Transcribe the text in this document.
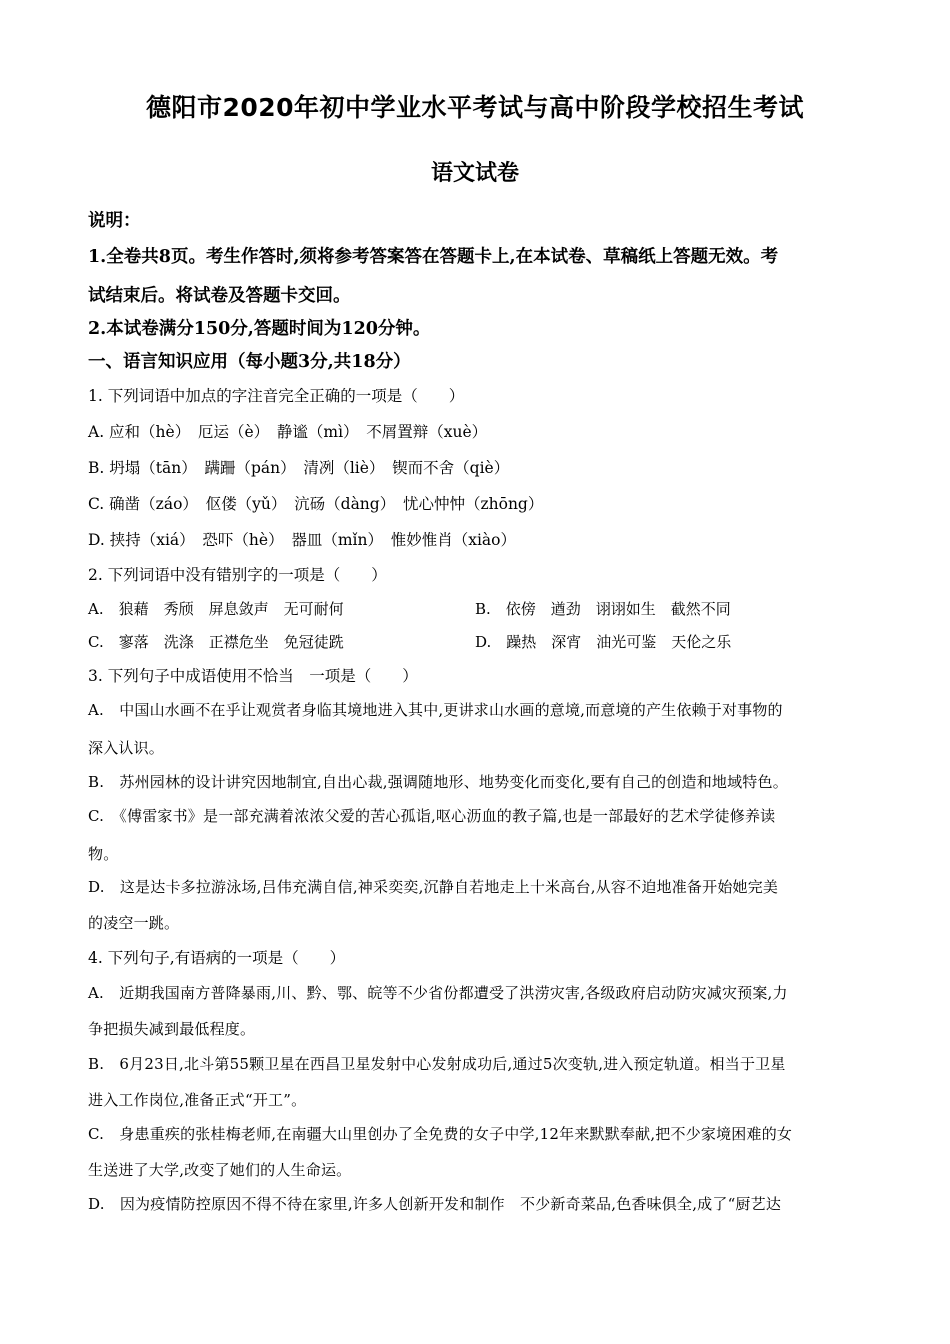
德阳市2020年初中学业水平考试与高中阶段学校招生考试
语文试卷
说明：
1.全卷共8页。考生作答时,须将参考答案答在答题卡上,在本试卷、草稿纸上答题无效。考
试结束后。将试卷及答题卡交回。
2.本试卷满分150分,答题时间为120分钟。
一、语言知识应用（每小题3分,共18分）
1. 下列词语中加点的字注音完全正确的一项是（　　）
A. 应和（hè）　厄运（è）　静谧（mì）　不屑置辩（xuè）
B. 坍塌（tān）　蹒跚（pán）　清冽（liè）　锲而不舍（qiè）
C. 确凿（záo）　伛偻（yǔ）　沆砀（dàng）　忧心忡忡（zhōng）
D. 挟持（xiá）　恐吓（hè）　器皿（mǐn）　惟妙惟肖（xiào）
2. 下列词语中没有错别字的一项是（　　）
A.　狼藉　秀颀　屏息敛声　无可耐何	B.　依傍　遒劲　诩诩如生　截然不同
C.　寥落　洗涤　正襟危坐　免冠徒跣	D.　躁热　深宵　油光可鉴　天伦之乐
3. 下列句子中成语使用不恰当　一项是（　　）
A.　中国山水画不在乎让观赏者身临其境地进入其中,更讲求山水画的意境,而意境的产生依赖于对事物的
深入认识。
B.　苏州园林的设计讲究因地制宜,自出心裁,强调随地形、地势变化而变化,要有自己的创造和地域特色。
C.　《傅雷家书》是一部充满着浓浓父爱的苦心孤诣,呕心沥血的教子篇,也是一部最好的艺术学徒修养读
物。
D.　这是达卡多拉游泳场,吕伟充满自信,神采奕奕,沉静自若地走上十米高台,从容不迫地准备开始她完美
的凌空一跳。
4. 下列句子,有语病的一项是（　　）
A.　近期我国南方普降暴雨,川、黔、鄂、皖等不少省份都遭受了洪涝灾害,各级政府启动防灾减灾预案,力
争把损失减到最低程度。
B.　6月23日,北斗第55颗卫星在西昌卫星发射中心发射成功后,通过5次变轨,进入预定轨道。相当于卫星
进入工作岗位,准备正式“开工”。
C.　身患重疾的张桂梅老师,在南疆大山里创办了全免费的女子中学,12年来默默奉献,把不少家境困难的女
生送进了大学,改变了她们的人生命运。
D.　因为疫情防控原因不得不待在家里,许多人创新开发和制作　不少新奇菜品,色香味俱全,成了“厨艺达
